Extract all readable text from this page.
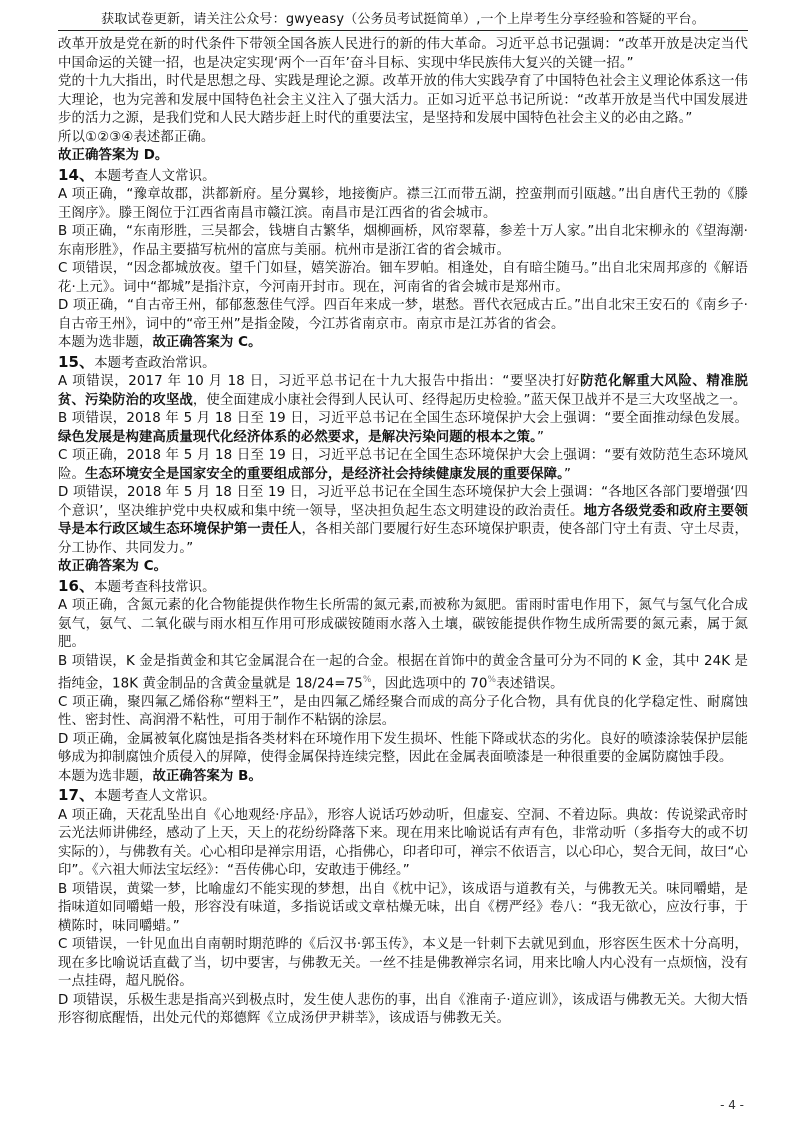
获取试卷更新，请关注公众号：gwyeasy（公务员考试挺简单）,一个上岸考生分享经验和答疑的平台。

改革开放是党在新的时代条件下带领全国各族人民进行的新的伟大革命。习近平总书记强调：“改革开放是决定当代中国命运的关键一招，也是决定实现‘两个一百年’奋斗目标、实现中华民族伟大复兴的关键一招。”

党的十九大指出，时代是思想之母、实践是理论之源。改革开放的伟大实践孕育了中国特色社会主义理论体系这一伟大理论，也为完善和发展中国特色社会主义注入了强大活力。正如习近平总书记所说：“改革开放是当代中国发展进步的活力之源，是我们党和人民大踏步赶上时代的重要法宝，是坚持和发展中国特色社会主义的必由之路。”

所以①②③④表述都正确。

故正确答案为 D。

14、本题考查人文常识。

A 项正确，“豫章故郡，洪都新府。星分翼轸，地接衡庐。襟三江而带五湖，控蛮荆而引瓯越。”出自唐代王勃的《滕王阁序》。滕王阁位于江西省南昌市赣江滨。南昌市是江西省的省会城市。

B 项正确，“东南形胜，三吴都会，钱塘自古繁华，烟柳画桥，风帘翠幕，参差十万人家。”出自北宋柳永的《望海潮·东南形胜》，作品主要描写杭州的富庶与美丽。杭州市是浙江省的省会城市。

C 项错误，“因念都城放夜。望千门如昼，嬉笑游冶。钿车罗帕。相逢处，自有暗尘随马。”出自北宋周邦彦的《解语花·上元》。词中“都城”是指汴京，今河南开封市。现在，河南省的省会城市是郑州市。

D 项正确，“自古帝王州，郁郁葱葱佳气浮。四百年来成一梦，堪愁。晋代衣冠成古丘。”出自北宋王安石的《南乡子·自古帝王州》，词中的“帝王州”是指金陵，今江苏省南京市。南京市是江苏省的省会。

本题为选非题，故正确答案为 C。

15、本题考查政治常识。

A 项错误，2017 年 10 月 18 日，习近平总书记在十九大报告中指出：“要坚决打好防范化解重大风险、精准脱贫、污染防治的攻坚战，使全面建成小康社会得到人民认可、经得起历史检验。”蓝天保卫战并不是三大攻坚战之一。

B 项错误，2018 年 5 月 18 日至 19 日，习近平总书记在全国生态环境保护大会上强调：“要全面推动绿色发展。绿色发展是构建高质量现代化经济体系的必然要求，是解决污染问题的根本之策。”

C 项正确，2018 年 5 月 18 日至 19 日，习近平总书记在全国生态环境保护大会上强调：“要有效防范生态环境风险。生态环境安全是国家安全的重要组成部分，是经济社会持续健康发展的重要保障。”

D 项错误，2018 年 5 月 18 日至 19 日，习近平总书记在全国生态环境保护大会上强调：“各地区各部门要增强‘四个意识’，坚决维护党中央权威和集中统一领导，坚决担负起生态文明建设的政治责任。地方各级党委和政府主要领导是本行政区域生态环境保护第一责任人，各相关部门要履行好生态环境保护职责，使各部门守土有责、守土尽责，分工协作、共同发力。”

故正确答案为 C。

16、本题考查科技常识。

A 项正确，含氮元素的化合物能提供作物生长所需的氮元素,而被称为氮肥。雷雨时雷电作用下，氮气与氢气化合成氨气，氨气、二氧化碳与雨水相互作用可形成碳铵随雨水落入土壤，碳铵能提供作物生成所需要的氮元素，属于氮肥。

B 项错误，K 金是指黄金和其它金属混合在一起的合金。根据在首饰中的黄金含量可分为不同的 K 金，其中 24K 是指纯金，18K 黄金制品的含黄金量就是 18/24=75%，因此选项中的 70%表述错误。

C 项正确，聚四氟乙烯俗称“塑料王”，是由四氟乙烯经聚合而成的高分子化合物，具有优良的化学稳定性、耐腐蚀性、密封性、高润滑不粘性，可用于制作不粘锅的涂层。

D 项正确，金属被氧化腐蚀是指各类材料在环境作用下发生损坏、性能下降或状态的劣化。良好的喷漆涂装保护层能够成为抑制腐蚀介质侵入的屏障，使得金属保持连续完整，因此在金属表面喷漆是一种很重要的金属防腐蚀手段。

本题为选非题，故正确答案为 B。

17、本题考查人文常识。

A 项正确，天花乱坠出自《心地观经·序品》，形容人说话巧妙动听，但虚妄、空洞、不着边际。典故：传说梁武帝时云光法师讲佛经，感动了上天，天上的花纷纷降落下来。现在用来比喻说话有声有色，非常动听（多指夸大的或不切实际的），与佛教有关。心心相印是禅宗用语，心指佛心，印者印可，禅宗不依语言，以心印心，契合无间，故曰“心印”。《六祖大师法宝坛经》：“吾传佛心印，安敢违于佛经。”

B 项错误，黄粱一梦，比喻虚幻不能实现的梦想，出自《枕中记》，该成语与道教有关，与佛教无关。味同嚼蜡，是指味道如同嚼蜡一般，形容没有味道，多指说话或文章枯燥无味，出自《楞严经》卷八：“我无欲心，应汝行事，于横陈时，味同嚼蜡。”

C 项错误，一针见血出自南朝时期范晔的《后汉书·郭玉传》，本义是一针刺下去就见到血，形容医生医术十分高明，现在多比喻说话直截了当，切中要害，与佛教无关。一丝不挂是佛教禅宗名词，用来比喻人内心没有一点烦恼，没有一点挂碍，超凡脱俗。

D 项错误，乐极生悲是指高兴到极点时，发生使人悲伤的事，出自《淮南子·道应训》，该成语与佛教无关。大彻大悟形容彻底醒悟，出处元代的郑德辉《立成汤伊尹耕莘》，该成语与佛教无关。

- 4 -
